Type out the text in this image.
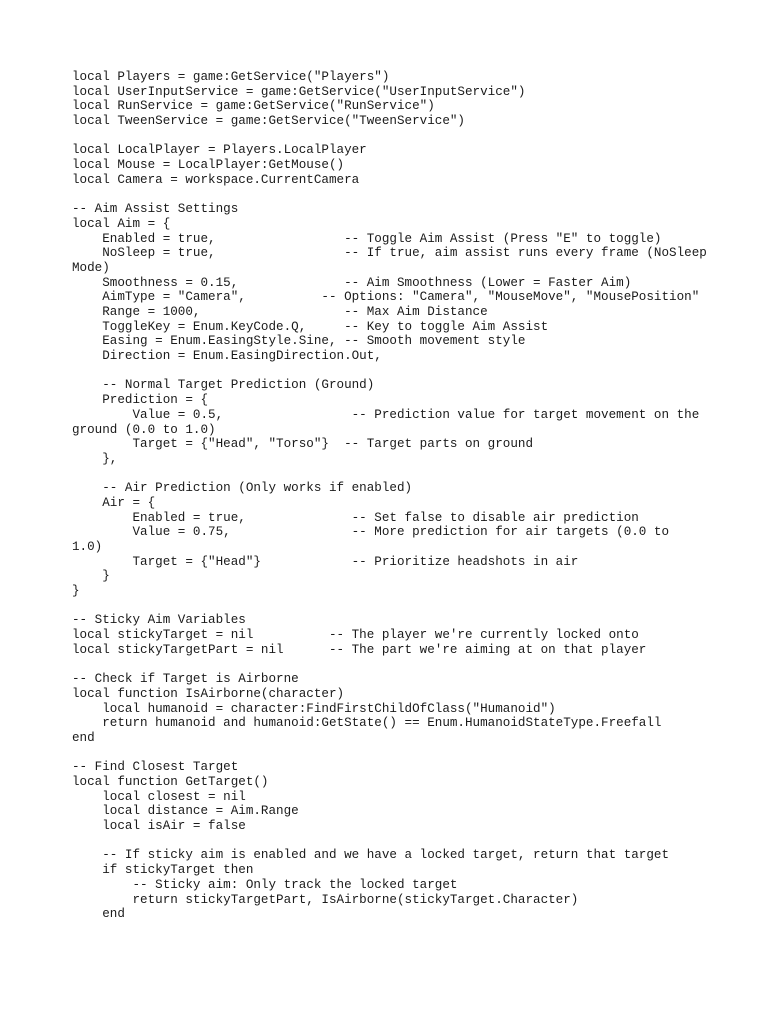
local Players = game:GetService("Players")
local UserInputService = game:GetService("UserInputService")
local RunService = game:GetService("RunService")
local TweenService = game:GetService("TweenService")
local LocalPlayer = Players.LocalPlayer
local Mouse = LocalPlayer:GetMouse()
local Camera = workspace.CurrentCamera
-- Aim Assist Settings
local Aim = {
Enabled = true,                 -- Toggle Aim Assist (Press "E" to toggle)
NoSleep = true,                 -- If true, aim assist runs every frame (NoSleep
Mode)
Smoothness = 0.15,              -- Aim Smoothness (Lower = Faster Aim)
AimType = "Camera",          -- Options: "Camera", "MouseMove", "MousePosition"
Range = 1000,                   -- Max Aim Distance
ToggleKey = Enum.KeyCode.Q,     -- Key to toggle Aim Assist
Easing = Enum.EasingStyle.Sine, -- Smooth movement style
Direction = Enum.EasingDirection.Out,
-- Normal Target Prediction (Ground)
Prediction = {
Value = 0.5,                 -- Prediction value for target movement on the
ground (0.0 to 1.0)
Target = {"Head", "Torso"}  -- Target parts on ground
},
-- Air Prediction (Only works if enabled)
Air = {
Enabled = true,              -- Set false to disable air prediction
Value = 0.75,                -- More prediction for air targets (0.0 to
1.0)
Target = {"Head"}            -- Prioritize headshots in air
}
}
-- Sticky Aim Variables
local stickyTarget = nil          -- The player we're currently locked onto
local stickyTargetPart = nil      -- The part we're aiming at on that player
-- Check if Target is Airborne
local function IsAirborne(character)
local humanoid = character:FindFirstChildOfClass("Humanoid")
return humanoid and humanoid:GetState() == Enum.HumanoidStateType.Freefall
end
-- Find Closest Target
local function GetTarget()
local closest = nil
local distance = Aim.Range
local isAir = false
-- If sticky aim is enabled and we have a locked target, return that target
if stickyTarget then
-- Sticky aim: Only track the locked target
return stickyTargetPart, IsAirborne(stickyTarget.Character)
end
